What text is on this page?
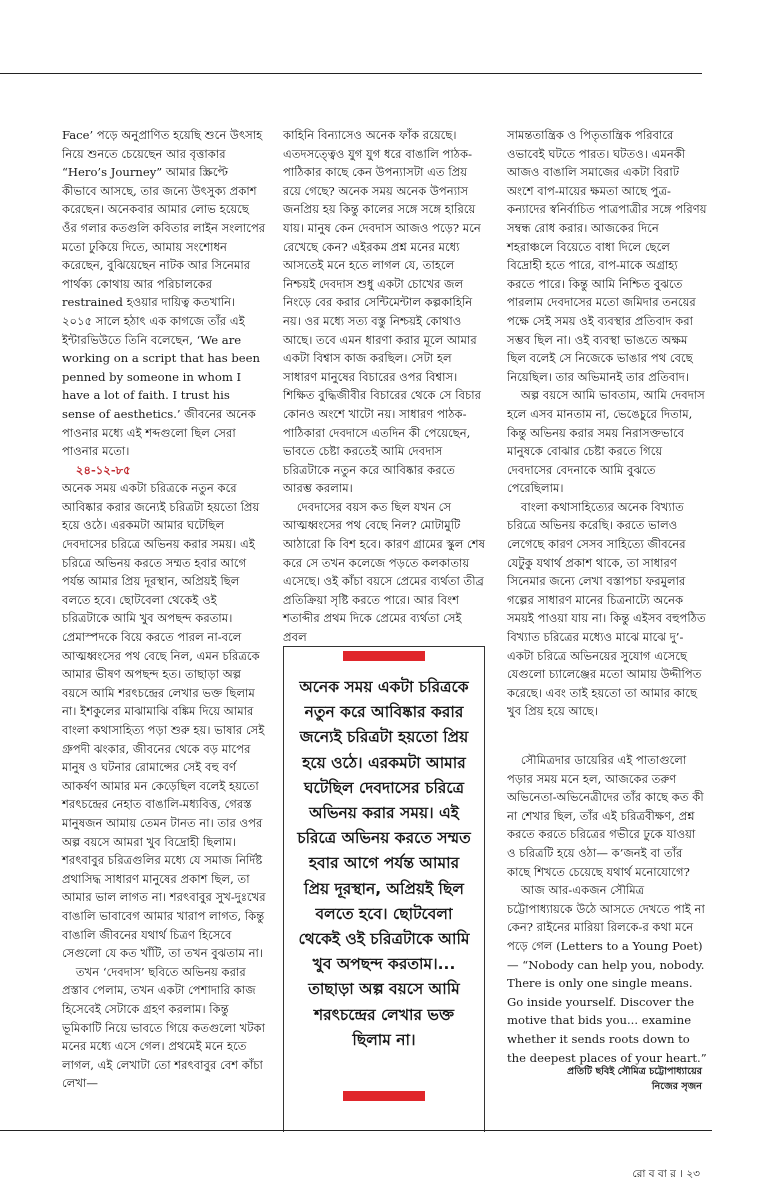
Face’ পড়ে অনুপ্রাণিত হয়েছি শুনে উৎসাহ নিয়ে শুনতে চেয়েছেন আর বৃত্তাকার “Hero’s Journey” আমার স্ক্রিপ্টে কীভাবে আসছে, তার জন্যে উৎসুক্য প্রকাশ করেছেন। অনেকবার আমার লোভ হয়েছে ওঁর গলার কতগুলি কবিতার লাইন সংলাপের মতো ঢুকিয়ে দিতে, আমায় সংশোধন করেছেন, বুঝিয়েছেন নাটক আর সিনেমার পার্থক্য কোথায় আর পরিচালকের restrained হওয়ার দায়িত্ব কতখানি। ২০১৫ সালে হঠাৎ এক কাগজে তাঁর এই ইন্টারভিউতে তিনি বলেছেন, ‘We are working on a script that has been penned by someone in whom I have a lot of faith. I trust his sense of aesthetics.’ জীবনের অনেক পাওনার মধ্যে এই শব্দগুলো ছিল সেরা পাওনার মতো।

২৪-১২-৮৫

অনেক সময় একটা চরিত্রকে নতুন করে আবিষ্কার করার জন্যেই চরিত্রটা হয়তো প্রিয় হয়ে ওঠে। এরকমটা আমার ঘটেছিল দেবদাসের চরিত্রে অভিনয় করার সময়। এই চরিত্রে অভিনয় করতে সম্মত হবার আগে পর্যন্ত আমার প্রিয় দূরস্থান, অপ্রিয়ই ছিল বলতে হবে। ছোটবেলা থেকেই ওই চরিত্রটাকে আমি খুব অপছন্দ করতাম। প্রেমাস্পদকে বিয়ে করতে পারল না-বলে আত্মধ্বংসের পথ বেছে নিল, এমন চরিত্রকে আমার ভীষণ অপছন্দ হত। তাছাড়া অল্প বয়সে আমি শরৎচন্দ্রের লেখার ভক্ত ছিলাম না। ইশকুলের মাঝামাঝি বঙ্কিম দিয়ে আমার বাংলা কথাসাহিত্য পড়া শুরু হয়। ভাষার সেই গ্রুপদী ঝংকার, জীবনের থেকে বড় মাপের মানুষ ও ঘটনার রোমান্সের সেই বহু বর্ণ আকর্ষণ আমার মন কেড়েছিল বলেই হয়তো শরৎচন্দ্রের নেহাত বাঙালি-মধ্যবিত্ত, গেরস্ত মানুষজন আমায় তেমন টানত না। তার ওপর অল্প বয়সে আমরা খুব বিদ্রোহী ছিলাম। শরৎবাবুর চরিত্রগুলির মধ্যে যে সমাজ নির্দিষ্ট প্রথাসিদ্ধ সাধারণ মানুষের প্রকাশ ছিল, তা আমার ভাল লাগত না। শরৎবাবুর সুখ-দুঃখের বাঙালি ভাবাবেগ আমার খারাপ লাগত, কিন্তু বাঙালি জীবনের যথার্থ চিত্রণ হিসেবে সেগুলো যে কত খাঁটি, তা তখন বুঝতাম না।

তখন ‘দেবদাস’ ছবিতে অভিনয় করার প্রস্তাব পেলাম, তখন একটা পেশাদারি কাজ হিসেবেই সেটাকে গ্রহণ করলাম। কিন্তু ভূমিকাটি নিয়ে ভাবতে গিয়ে কতগুলো খটকা মনের মধ্যে এসে গেল। প্রথমেই মনে হতে লাগল, এই লেখাটা তো শরৎবাবুর বেশ কাঁচা লেখা—

কাহিনি বিন্যাসেও অনেক ফাঁক রয়েছে। এতদসত্ত্বেও যুগ যুগ ধরে বাঙালি পাঠক-পাঠিকার কাছে কেন উপন্যাসটা এত প্রিয় রয়ে গেছে? অনেক সময় অনেক উপন্যাস জনপ্রিয় হয় কিন্তু কালের সঙ্গে সঙ্গে হারিয়ে যায়। মানুষ কেন দেবদাস আজও পড়ে? মনে রেখেছে কেন? এইরকম প্রশ্ন মনের মধ্যে আসতেই মনে হতে লাগল যে, তাহলে নিশ্চয়ই দেবদাস শুধু একটা চোখের জল নিংড়ে বের করার সেন্টিমেন্টাল কল্পকাহিনি নয়। ওর মধ্যে সত্য বস্তু নিশ্চয়ই কোথাও আছে। তবে এমন ধারণা করার মূলে আমার একটা বিশ্বাস কাজ করছিল। সেটা হল সাধারণ মানুষের বিচারের ওপর বিশ্বাস। শিক্ষিত বুদ্ধিজীবীর বিচারের থেকে সে বিচার কোনও অংশে খাটো নয়। সাধারণ পাঠক-পাঠিকারা দেবদাসে এতদিন কী পেয়েছেন, ভাবতে চেষ্টা করতেই আমি দেবদাস চরিত্রটাকে নতুন করে আবিষ্কার করতে আরম্ভ করলাম।

দেবদাসের বয়স কত ছিল যখন সে আত্মধ্বংসের পথ বেছে নিল? মোটামুটি আঠারো কি বিশ হবে। কারণ গ্রামের স্কুল শেষ করে সে তখন কলেজে পড়তে কলকাতায় এসেছে। ওই কাঁচা বয়সে প্রেমের ব্যর্থতা তীব্র প্রতিক্রিয়া সৃষ্টি করতে পারে। আর বিংশ শতাব্দীর প্রথম দিকে প্রেমের ব্যর্থতা সেই প্রবল

অনেক সময় একটা চরিত্রকে নতুন করে আবিষ্কার করার জন্যেই চরিত্রটা হয়তো প্রিয় হয়ে ওঠে। এরকমটা আমার ঘটেছিল দেবদাসের চরিত্রে অভিনয় করার সময়। এই চরিত্রে অভিনয় করতে সম্মত হবার আগে পর্যন্ত আমার প্রিয় দূরস্থান, অপ্রিয়ই ছিল বলতে হবে। ছোটবেলা থেকেই ওই চরিত্রটাকে আমি খুব অপছন্দ করতাম।... তাছাড়া অল্প বয়সে আমি শরৎচন্দ্রের লেখার ভক্ত ছিলাম না।

সামন্ততান্ত্রিক ও পিতৃতান্ত্রিক পরিবারে ওভাবেই ঘটতে পারত। ঘটতও। এমনকী আজও বাঙালি সমাজের একটা বিরাট অংশে বাপ-মায়ের ক্ষমতা আছে পুত্র-কন্যাদের স্বনির্বাচিত পাত্রপাত্রীর সঙ্গে পরিণয় সম্বন্ধ রোধ করার। আজকের দিনে শহরাঞ্চলে বিয়েতে বাধা দিলে ছেলে বিদ্রোহী হতে পারে, বাপ-মাকে অগ্রাহ্য করতে পারে। কিন্তু আমি নিশ্চিত বুঝতে পারলাম দেবদাসের মতো জমিদার তনয়ের পক্ষে সেই সময় ওই ব্যবস্থার প্রতিবাদ করা সম্ভব ছিল না। ওই ব্যবস্থা ভাঙতে অক্ষম ছিল বলেই সে নিজেকে ভাঙার পথ বেছে নিয়েছিল। তার অভিমানই তার প্রতিবাদ।

অল্প বয়সে আমি ভাবতাম, আমি দেবদাস হলে এসব মানতাম না, ভেঙেচুরে দিতাম, কিন্তু অভিনয় করার সময় নিরাসক্তভাবে মানুষকে বোঝার চেষ্টা করতে গিয়ে দেবদাসের বেদনাকে আমি বুঝতে পেরেছিলাম।

বাংলা কথাসাহিত্যের অনেক বিখ্যাত চরিত্রে অভিনয় করেছি। করতে ভালও লেগেছে কারণ সেসব সাহিত্যে জীবনের যেটুকু যথার্থ প্রকাশ থাকে, তা সাধারণ সিনেমার জন্যে লেখা বস্তাপচা ফরমুলার গল্পের সাধারণ মানের চিত্রনাট্যে অনেক সময়ই পাওয়া যায় না। কিন্তু এইসব বহুপঠিত বিখ্যাত চরিত্রের মধ্যেও মাঝে মাঝে দু’-একটা চরিত্রে অভিনয়ের সুযোগ এসেছে যেগুলো চ্যালেঞ্জের মতো আমায় উদ্দীপিত করেছে। এবং তাই হয়তো তা আমার কাছে খুব প্রিয় হয়ে আছে।

সৌমিত্রদার ডায়েরির এই পাতাগুলো পড়ার সময় মনে হল, আজকের তরুণ অভিনেতা-অভিনেত্রীদের তাঁর কাছে কত কী না শেখার ছিল, তাঁর এই চরিত্রবীক্ষণ, প্রশ্ন করতে করতে চরিত্রের গভীরে ঢুকে যাওয়া ও চরিত্রটি হয়ে ওঠা— ক’জনই বা তাঁর কাছে শিখতে চেয়েছে যথার্থ মনোযোগে?

আজ আর-একজন সৌমিত্র চট্টোপাধ্যায়কে উঠে আসতে দেখতে পাই না কেন? রাইনের মারিয়া রিলকে-র কথা মনে পড়ে গেল (Letters to a Young Poet)— “Nobody can help you, nobody. There is only one single means. Go inside yourself. Discover the motive that bids you... examine whether it sends roots down to the deepest places of your heart.”

প্রতিটি ছবিই সৌমিত্র চট্টোপাধ্যায়ের
নিজের সৃজন
রো ব বা র । ২৩
